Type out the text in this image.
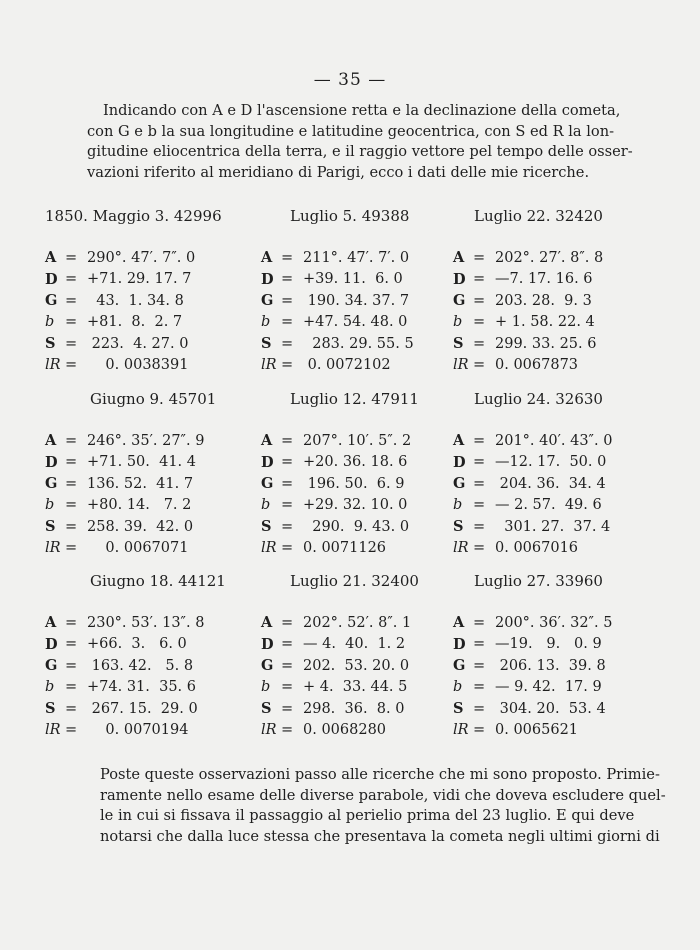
— 35 —
Indicando con A e D l'ascensione retta e la declinazione della cometa,
con G e b la sua longitudine e latitudine geocentrica, con S ed R la lon-
gitudine eliocentrica della terra, e il raggio vettore pel tempo delle osser-
vazioni riferito al meridiano di Parigi, ecco i dati delle mie ricerche.
1850. Maggio 3. 42996
A = 290°. 47′. 7″. 0
D = +71. 29. 17. 7
G = 43.  1. 34. 8
b = +81.  8.  2. 7
S = 223.  4. 27. 0
lR = 0. 0038391
Luglio 5. 49388
A = 211°. 47′. 7′. 0
D = +39. 11.  6. 0
G = 190. 34. 37. 7
b = +47. 54. 48. 0
S = 283. 29. 55. 5
lR = 0. 0072102
Luglio 22. 32420
A = 202°. 27′. 8″. 8
D = —7. 17. 16. 6
G = 203. 28.  9. 3
b = + 1. 58. 22. 4
S = 299. 33. 25. 6
lR = 0. 0067873
Giugno 9. 45701
A = 246°. 35′. 27″. 9
D = +71. 50.  41. 4
G = 136. 52.  41. 7
b = +80. 14.   7. 2
S = 258. 39.  42. 0
lR = 0. 0067071
Luglio 12. 47911
A = 207°. 10′. 5″. 2
D = +20. 36. 18. 6
G = 196. 50.  6. 9
b = +29. 32. 10. 0
S = 290.  9. 43. 0
lR = 0. 0071126
Luglio 24. 32630
A = 201°. 40′. 43″. 0
D = —12. 17.  50. 0
G = 204. 36.  34. 4
b = — 2. 57.  49. 6
S = 301. 27.  37. 4
lR = 0. 0067016
Giugno 18. 44121
A = 230°. 53′. 13″. 8
D = +66.  3.   6. 0
G = 163. 42.   5. 8
b = +74. 31.  35. 6
S = 267. 15.  29. 0
lR = 0. 0070194
Luglio 21. 32400
A = 202°. 52′. 8″. 1
D = — 4.  40.  1. 2
G = 202.  53. 20. 0
b = + 4.  33. 44. 5
S = 298.  36.  8. 0
lR = 0. 0068280
Luglio 27. 33960
A = 200°. 36′. 32″. 5
D = —19.   9.   0. 9
G = 206. 13.  39. 8
b = — 9. 42.  17. 9
S = 304. 20.  53. 4
lR = 0. 0065621
Poste queste osservazioni passo alle ricerche che mi sono proposto. Primie-
ramente nello esame delle diverse parabole, vidi che doveva escludere quel-
le in cui si fissava il passaggio al perielio prima del 23 luglio. E qui deve
notarsi che dalla luce stessa che presentava la cometa negli ultimi giorni di
